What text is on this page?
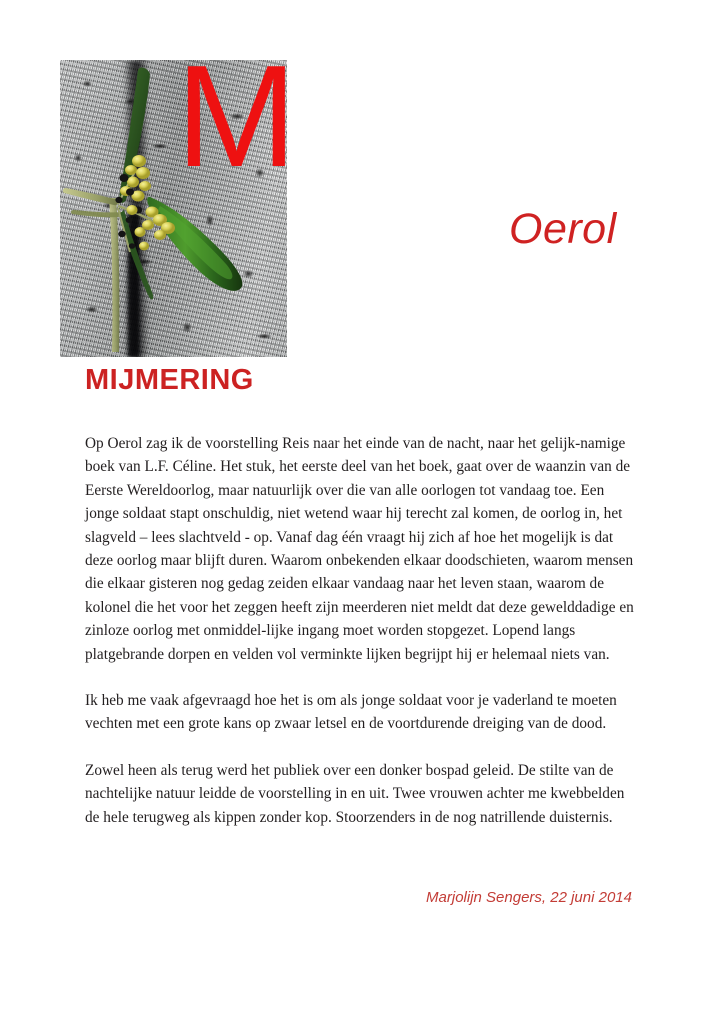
M
Oerol
MIJMERING

Op Oerol zag ik de voorstelling Reis naar het einde van de nacht, naar het gelijk-namige boek van L.F. Céline. Het stuk, het eerste deel van het boek, gaat over de waanzin van de Eerste Wereldoorlog, maar natuurlijk over die van alle oorlogen tot vandaag toe. Een jonge soldaat stapt onschuldig, niet wetend waar hij terecht zal komen, de oorlog in, het slagveld – lees slachtveld - op. Vanaf dag één vraagt hij zich af hoe het mogelijk is dat deze oorlog maar blijft duren. Waarom onbekenden elkaar doodschieten, waarom mensen die elkaar gisteren nog gedag zeiden elkaar vandaag naar het leven staan, waarom de kolonel die het voor het zeggen heeft zijn meerderen niet meldt dat deze gewelddadige en zinloze oorlog met onmiddel-lijke ingang moet worden stopgezet. Lopend langs platgebrande dorpen en velden vol verminkte lijken begrijpt hij er helemaal niets van.

Ik heb me vaak afgevraagd hoe het is om als jonge soldaat voor je vaderland te moeten vechten met een grote kans op zwaar letsel en de voortdurende dreiging van de dood.

Zowel heen als terug werd het publiek over een donker bospad geleid. De stilte van de nachtelijke natuur leidde de voorstelling in en uit. Twee vrouwen achter me kwebbelden de hele terugweg als kippen zonder kop. Stoorzenders in de nog natrillende duisternis.

Marjolijn Sengers, 22 juni 2014
